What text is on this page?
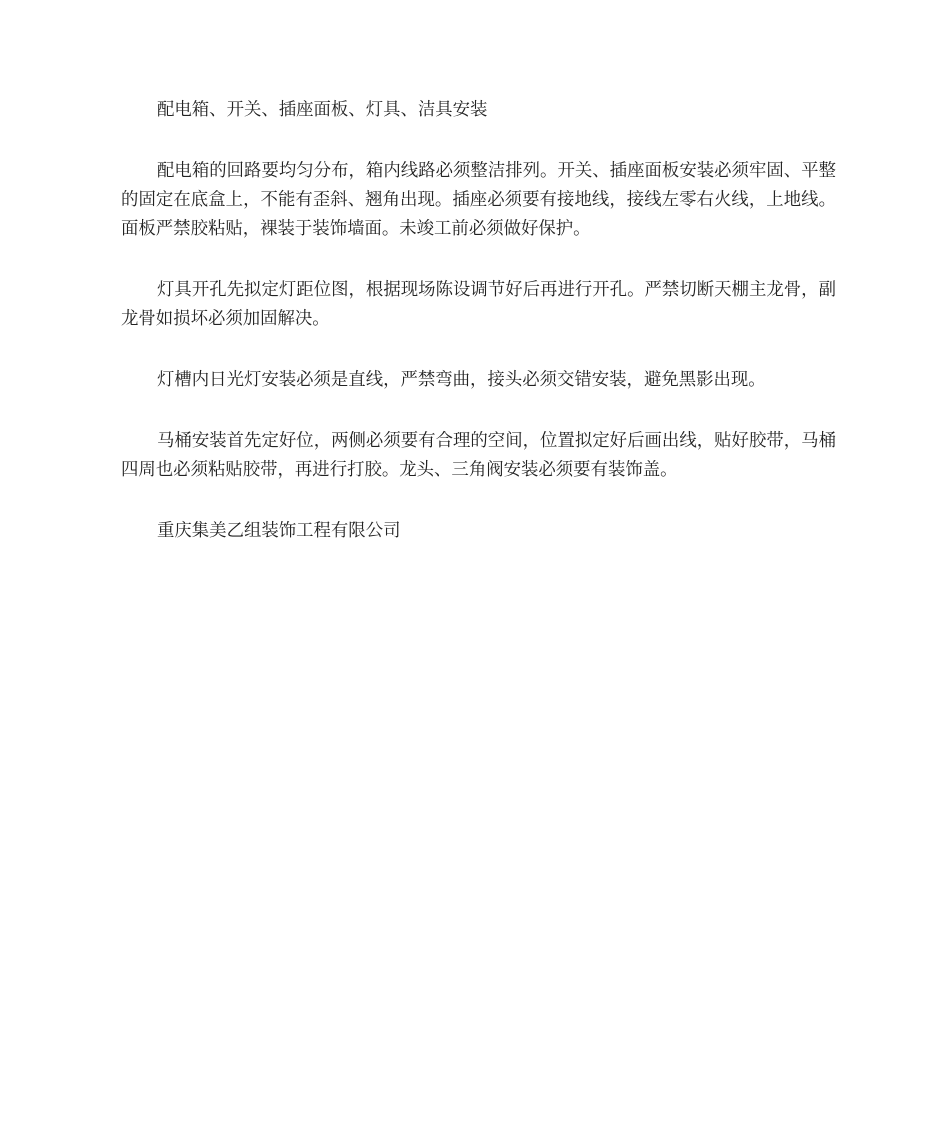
配电箱、开关、插座面板、灯具、洁具安装

配电箱的回路要均匀分布，箱内线路必须整洁排列。开关、插座面板安装必须牢固、平整的固定在底盒上，不能有歪斜、翘角出现。插座必须要有接地线，接线左零右火线，上地线。面板严禁胶粘贴，裸装于装饰墙面。未竣工前必须做好保护。

灯具开孔先拟定灯距位图，根据现场陈设调节好后再进行开孔。严禁切断天棚主龙骨，副龙骨如损坏必须加固解决。

灯槽内日光灯安装必须是直线，严禁弯曲，接头必须交错安装，避免黑影出现。

马桶安装首先定好位，两侧必须要有合理的空间，位置拟定好后画出线，贴好胶带，马桶四周也必须粘贴胶带，再进行打胶。龙头、三角阀安装必须要有装饰盖。

重庆集美乙组装饰工程有限公司
